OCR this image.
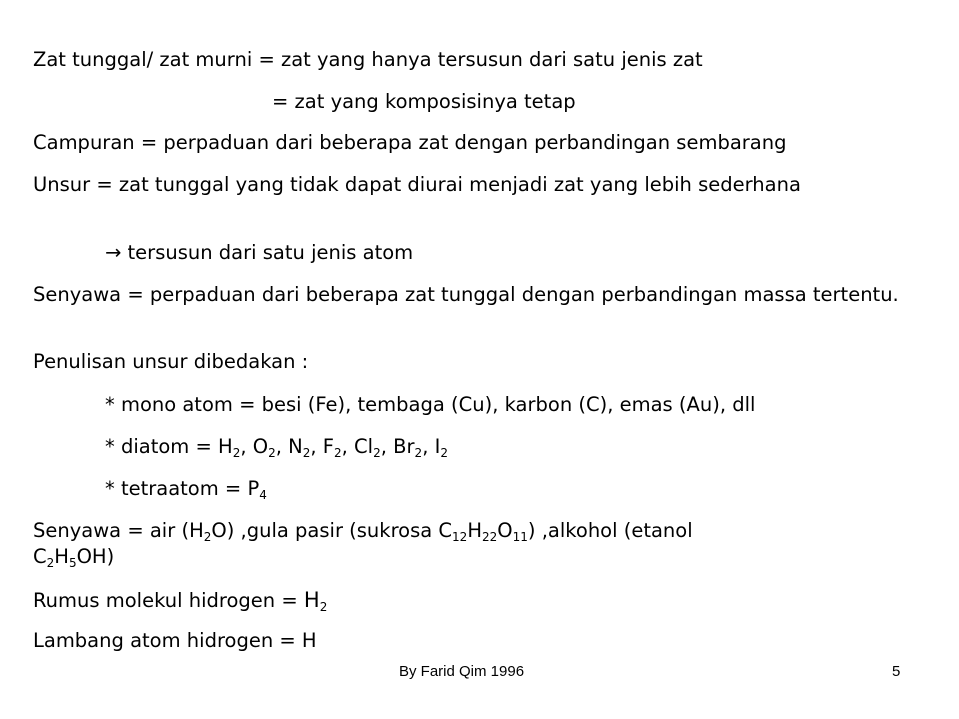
Zat tunggal/ zat murni = zat yang hanya tersusun dari satu jenis zat
= zat yang komposisinya tetap
Campuran = perpaduan dari beberapa zat dengan perbandingan sembarang
Unsur = zat tunggal yang tidak dapat diurai menjadi zat yang lebih sederhana
→ tersusun dari satu jenis atom
Senyawa = perpaduan dari beberapa zat tunggal dengan perbandingan massa tertentu.
Penulisan unsur dibedakan :
* mono atom = besi (Fe), tembaga (Cu), karbon (C), emas (Au), dll
* diatom = $H_2$, $O_2$, $N_2$, $F_2$, $Cl_2$, $Br_2$, $I_2$
* tetraatom = $P_4$
Senyawa = air $(H_2O)$ ,gula pasir (sukrosa $C_{12}H_{22}O_{11}$) ,alkohol (etanol
$C_2H_5OH$)
Rumus molekul hidrogen = $H_2$
Lambang atom hidrogen = H
By Farid Qim 1996	5
